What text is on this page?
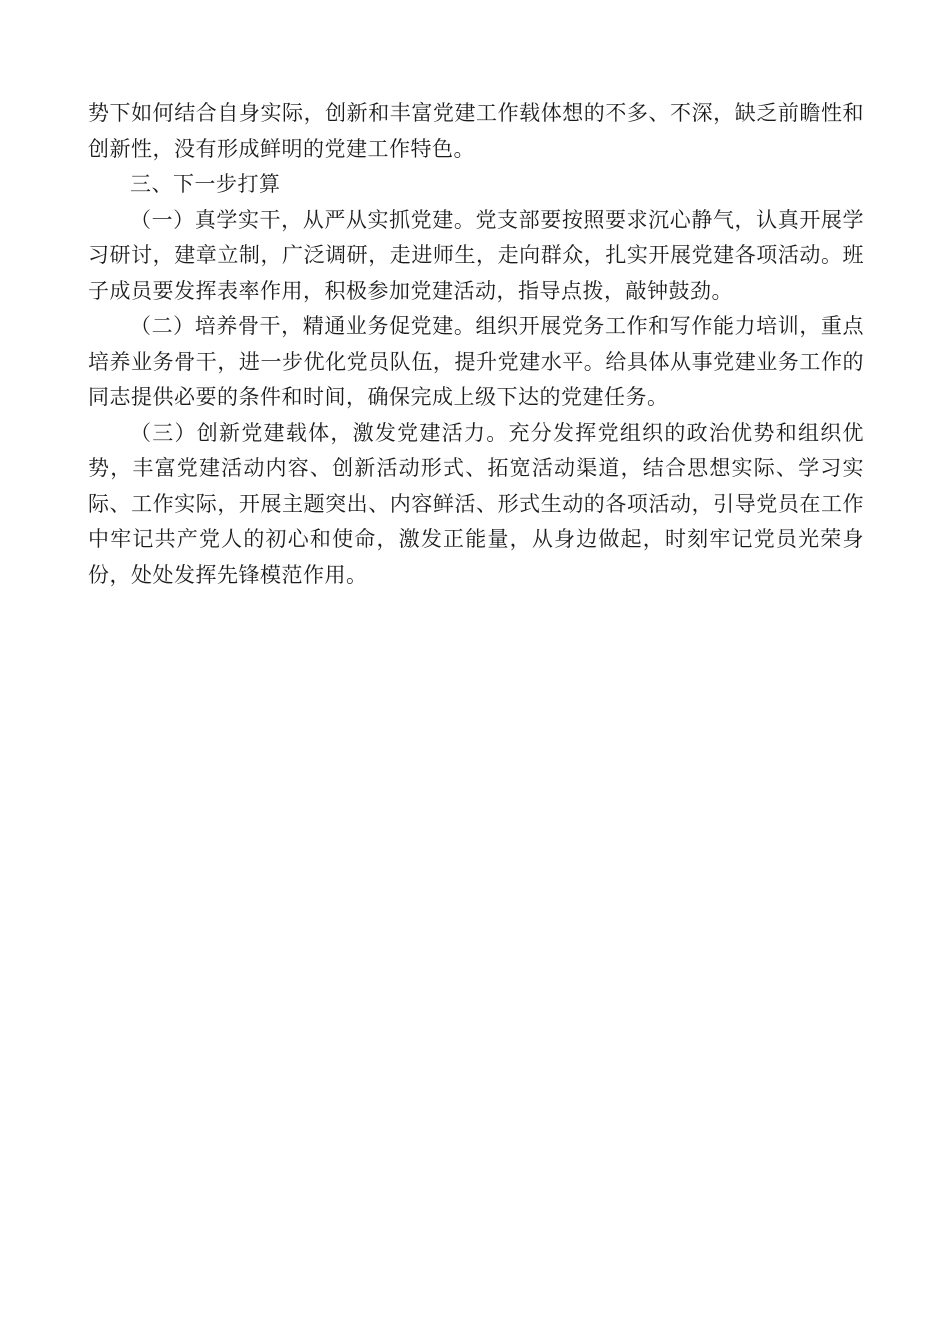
势下如何结合自身实际，创新和丰富党建工作载体想的不多、不深，缺乏前瞻性和创新性，没有形成鲜明的党建工作特色。

三、下一步打算

（一）真学实干，从严从实抓党建。党支部要按照要求沉心静气，认真开展学习研讨，建章立制，广泛调研，走进师生，走向群众，扎实开展党建各项活动。班子成员要发挥表率作用，积极参加党建活动，指导点拨，敲钟鼓劲。

（二）培养骨干，精通业务促党建。组织开展党务工作和写作能力培训，重点培养业务骨干，进一步优化党员队伍，提升党建水平。给具体从事党建业务工作的同志提供必要的条件和时间，确保完成上级下达的党建任务。

（三）创新党建载体，激发党建活力。充分发挥党组织的政治优势和组织优势，丰富党建活动内容、创新活动形式、拓宽活动渠道，结合思想实际、学习实际、工作实际，开展主题突出、内容鲜活、形式生动的各项活动，引导党员在工作中牢记共产党人的初心和使命，激发正能量，从身边做起，时刻牢记党员光荣身份，处处发挥先锋模范作用。
